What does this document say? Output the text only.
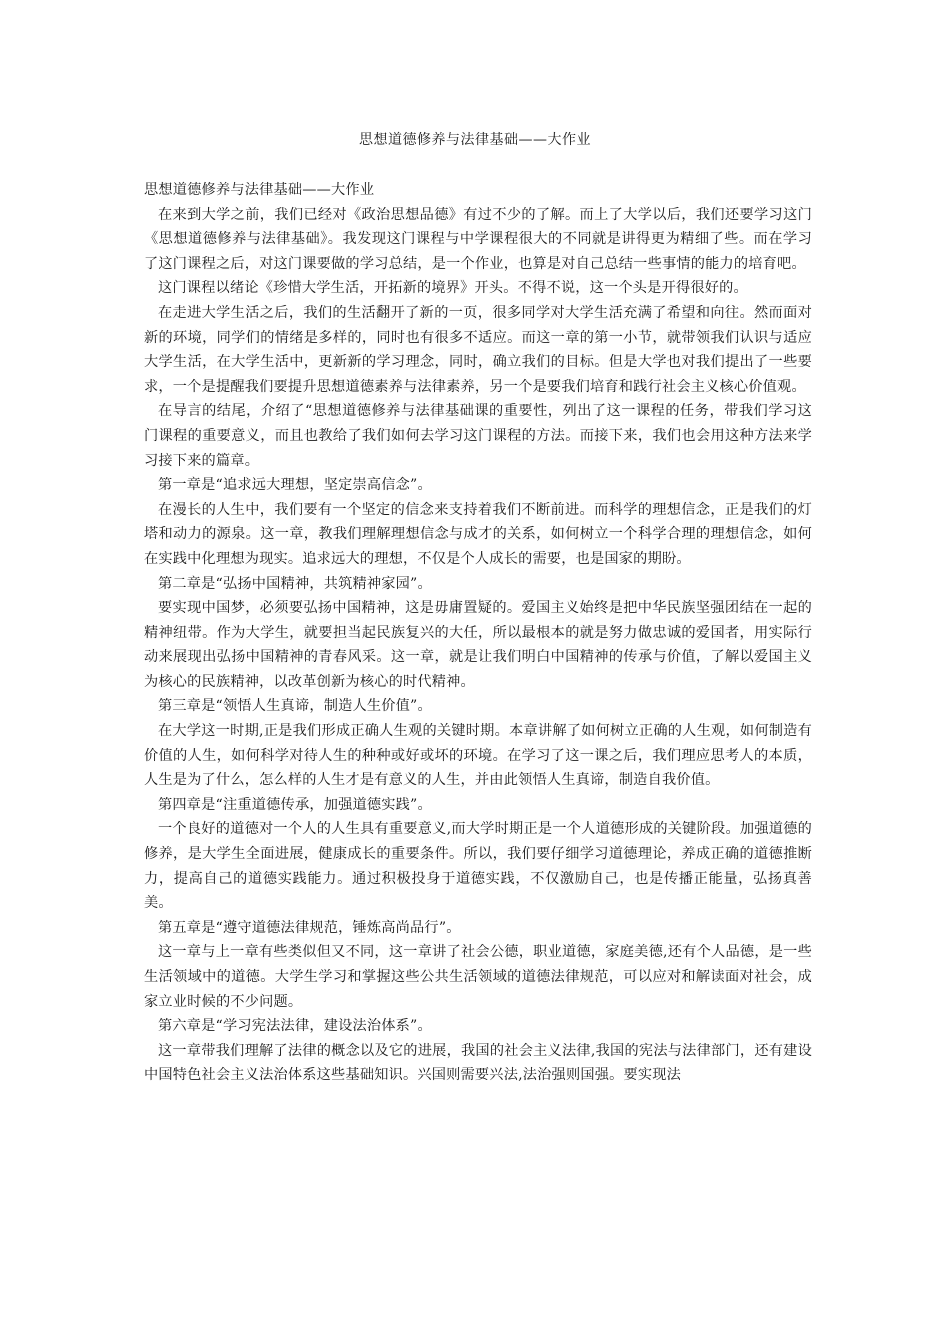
思想道德修养与法律基础——大作业

思想道德修养与法律基础——大作业

在来到大学之前，我们已经对《政治思想品德》有过不少的了解。而上了大学以后，我们还要学习这门《思想道德修养与法律基础》。我发现这门课程与中学课程很大的不同就是讲得更为精细了些。而在学习了这门课程之后，对这门课要做的学习总结，是一个作业，也算是对自己总结一些事情的能力的培育吧。

这门课程以绪论《珍惜大学生活，开拓新的境界》开头。不得不说，这一个头是开得很好的。

在走进大学生活之后，我们的生活翻开了新的一页，很多同学对大学生活充满了希望和向往。然而面对新的环境，同学们的情绪是多样的，同时也有很多不适应。而这一章的第一小节，就带领我们认识与适应大学生活，在大学生活中，更新新的学习理念，同时，确立我们的目标。但是大学也对我们提出了一些要求，一个是提醒我们要提升思想道德素养与法律素养，另一个是要我们培育和践行社会主义核心价值观。

在导言的结尾，介绍了“思想道德修养与法律基础课的重要性，列出了这一课程的任务，带我们学习这门课程的重要意义，而且也教给了我们如何去学习这门课程的方法。而接下来，我们也会用这种方法来学习接下来的篇章。

第一章是“追求远大理想，坚定崇高信念”。

在漫长的人生中，我们要有一个坚定的信念来支持着我们不断前进。而科学的理想信念，正是我们的灯塔和动力的源泉。这一章，教我们理解理想信念与成才的关系，如何树立一个科学合理的理想信念，如何在实践中化理想为现实。追求远大的理想，不仅是个人成长的需要，也是国家的期盼。

第二章是“弘扬中国精神，共筑精神家园”。

要实现中国梦，必须要弘扬中国精神，这是毋庸置疑的。爱国主义始终是把中华民族坚强团结在一起的精神纽带。作为大学生，就要担当起民族复兴的大任，所以最根本的就是努力做忠诚的爱国者，用实际行动来展现出弘扬中国精神的青春风采。这一章，就是让我们明白中国精神的传承与价值，了解以爱国主义为核心的民族精神，以改革创新为核心的时代精神。

第三章是“领悟人生真谛，制造人生价值”。

在大学这一时期,正是我们形成正确人生观的关键时期。本章讲解了如何树立正确的人生观，如何制造有价值的人生，如何科学对待人生的种种或好或坏的环境。在学习了这一课之后，我们理应思考人的本质，人生是为了什么，怎么样的人生才是有意义的人生，并由此领悟人生真谛，制造自我价值。

第四章是“注重道德传承，加强道德实践”。

一个良好的道德对一个人的人生具有重要意义,而大学时期正是一个人道德形成的关键阶段。加强道德的修养，是大学生全面进展，健康成长的重要条件。所以，我们要仔细学习道德理论，养成正确的道德推断力，提高自己的道德实践能力。通过积极投身于道德实践，不仅激励自己，也是传播正能量，弘扬真善美。

第五章是“遵守道德法律规范，锤炼高尚品行”。

这一章与上一章有些类似但又不同，这一章讲了社会公德，职业道德，家庭美德,还有个人品德，是一些生活领域中的道德。大学生学习和掌握这些公共生活领域的道德法律规范，可以应对和解读面对社会，成家立业时候的不少问题。

第六章是“学习宪法法律，建设法治体系”。

这一章带我们理解了法律的概念以及它的进展，我国的社会主义法律,我国的宪法与法律部门，还有建设中国特色社会主义法治体系这些基础知识。兴国则需要兴法,法治强则国强。要实现法
